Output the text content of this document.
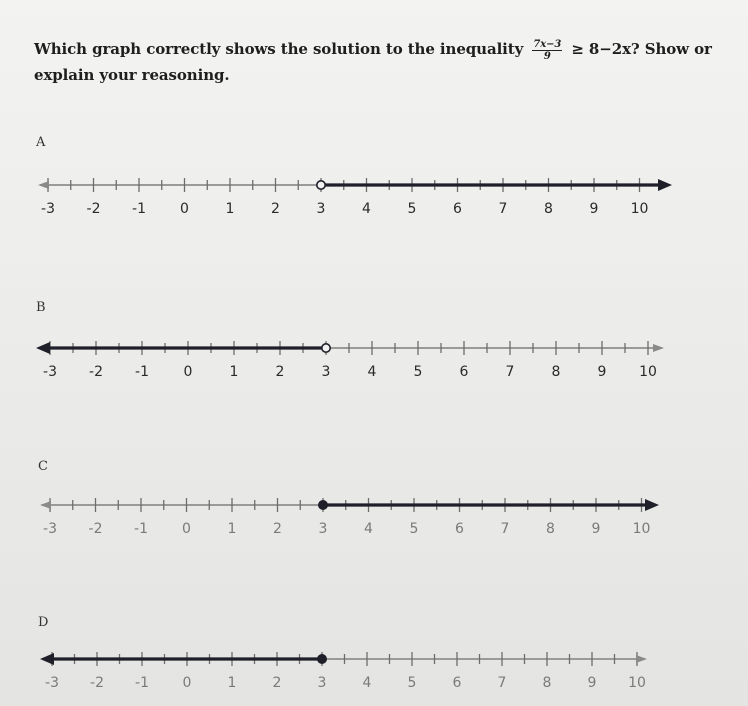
Which graph correctly shows the solution to the inequality $\frac{7x-3}{9} \ge 8-2x$? Show or explain your reasoning.
A
-3 -2 -1 0	1	2	3	4	5	6	7	8	9 10
B
-3 -2 -1 0	1	2	3	4	5	6	7	8	9 10
C
-3 -2 -1 0	1	2	3	4	5	6	7	8	9 10
D
-3 -2 -1 0	1	2	3	4	5	6	7	8	9 10
